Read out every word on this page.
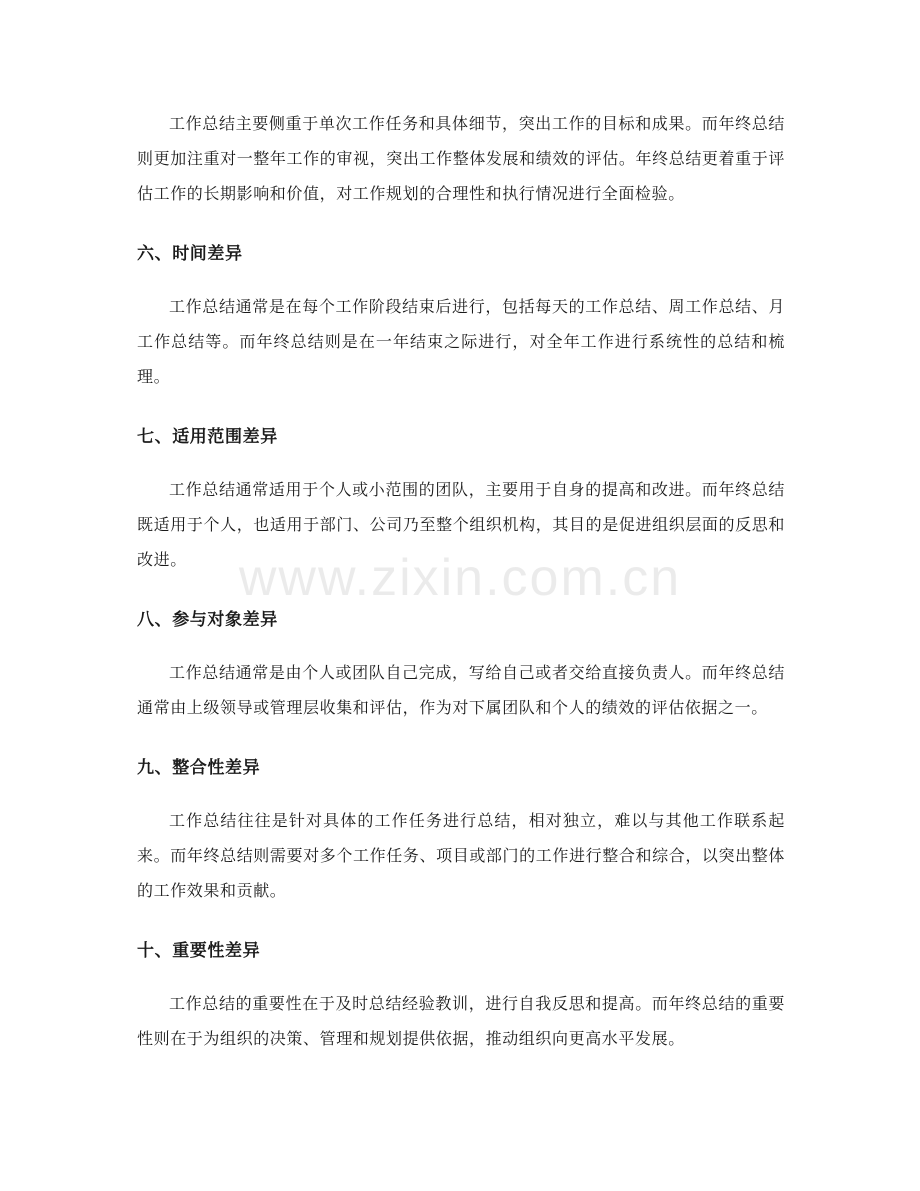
工作总结主要侧重于单次工作任务和具体细节，突出工作的目标和成果。而年终总结则更加注重对一整年工作的审视，突出工作整体发展和绩效的评估。年终总结更着重于评估工作的长期影响和价值，对工作规划的合理性和执行情况进行全面检验。

六、时间差异

工作总结通常是在每个工作阶段结束后进行，包括每天的工作总结、周工作总结、月工作总结等。而年终总结则是在一年结束之际进行，对全年工作进行系统性的总结和梳理。

七、适用范围差异

工作总结通常适用于个人或小范围的团队，主要用于自身的提高和改进。而年终总结既适用于个人，也适用于部门、公司乃至整个组织机构，其目的是促进组织层面的反思和改进。

八、参与对象差异

工作总结通常是由个人或团队自己完成，写给自己或者交给直接负责人。而年终总结通常由上级领导或管理层收集和评估，作为对下属团队和个人的绩效的评估依据之一。

九、整合性差异

工作总结往往是针对具体的工作任务进行总结，相对独立，难以与其他工作联系起来。而年终总结则需要对多个工作任务、项目或部门的工作进行整合和综合，以突出整体的工作效果和贡献。

十、重要性差异

工作总结的重要性在于及时总结经验教训，进行自我反思和提高。而年终总结的重要性则在于为组织的决策、管理和规划提供依据，推动组织向更高水平发展。

www.zixin.com.cn
